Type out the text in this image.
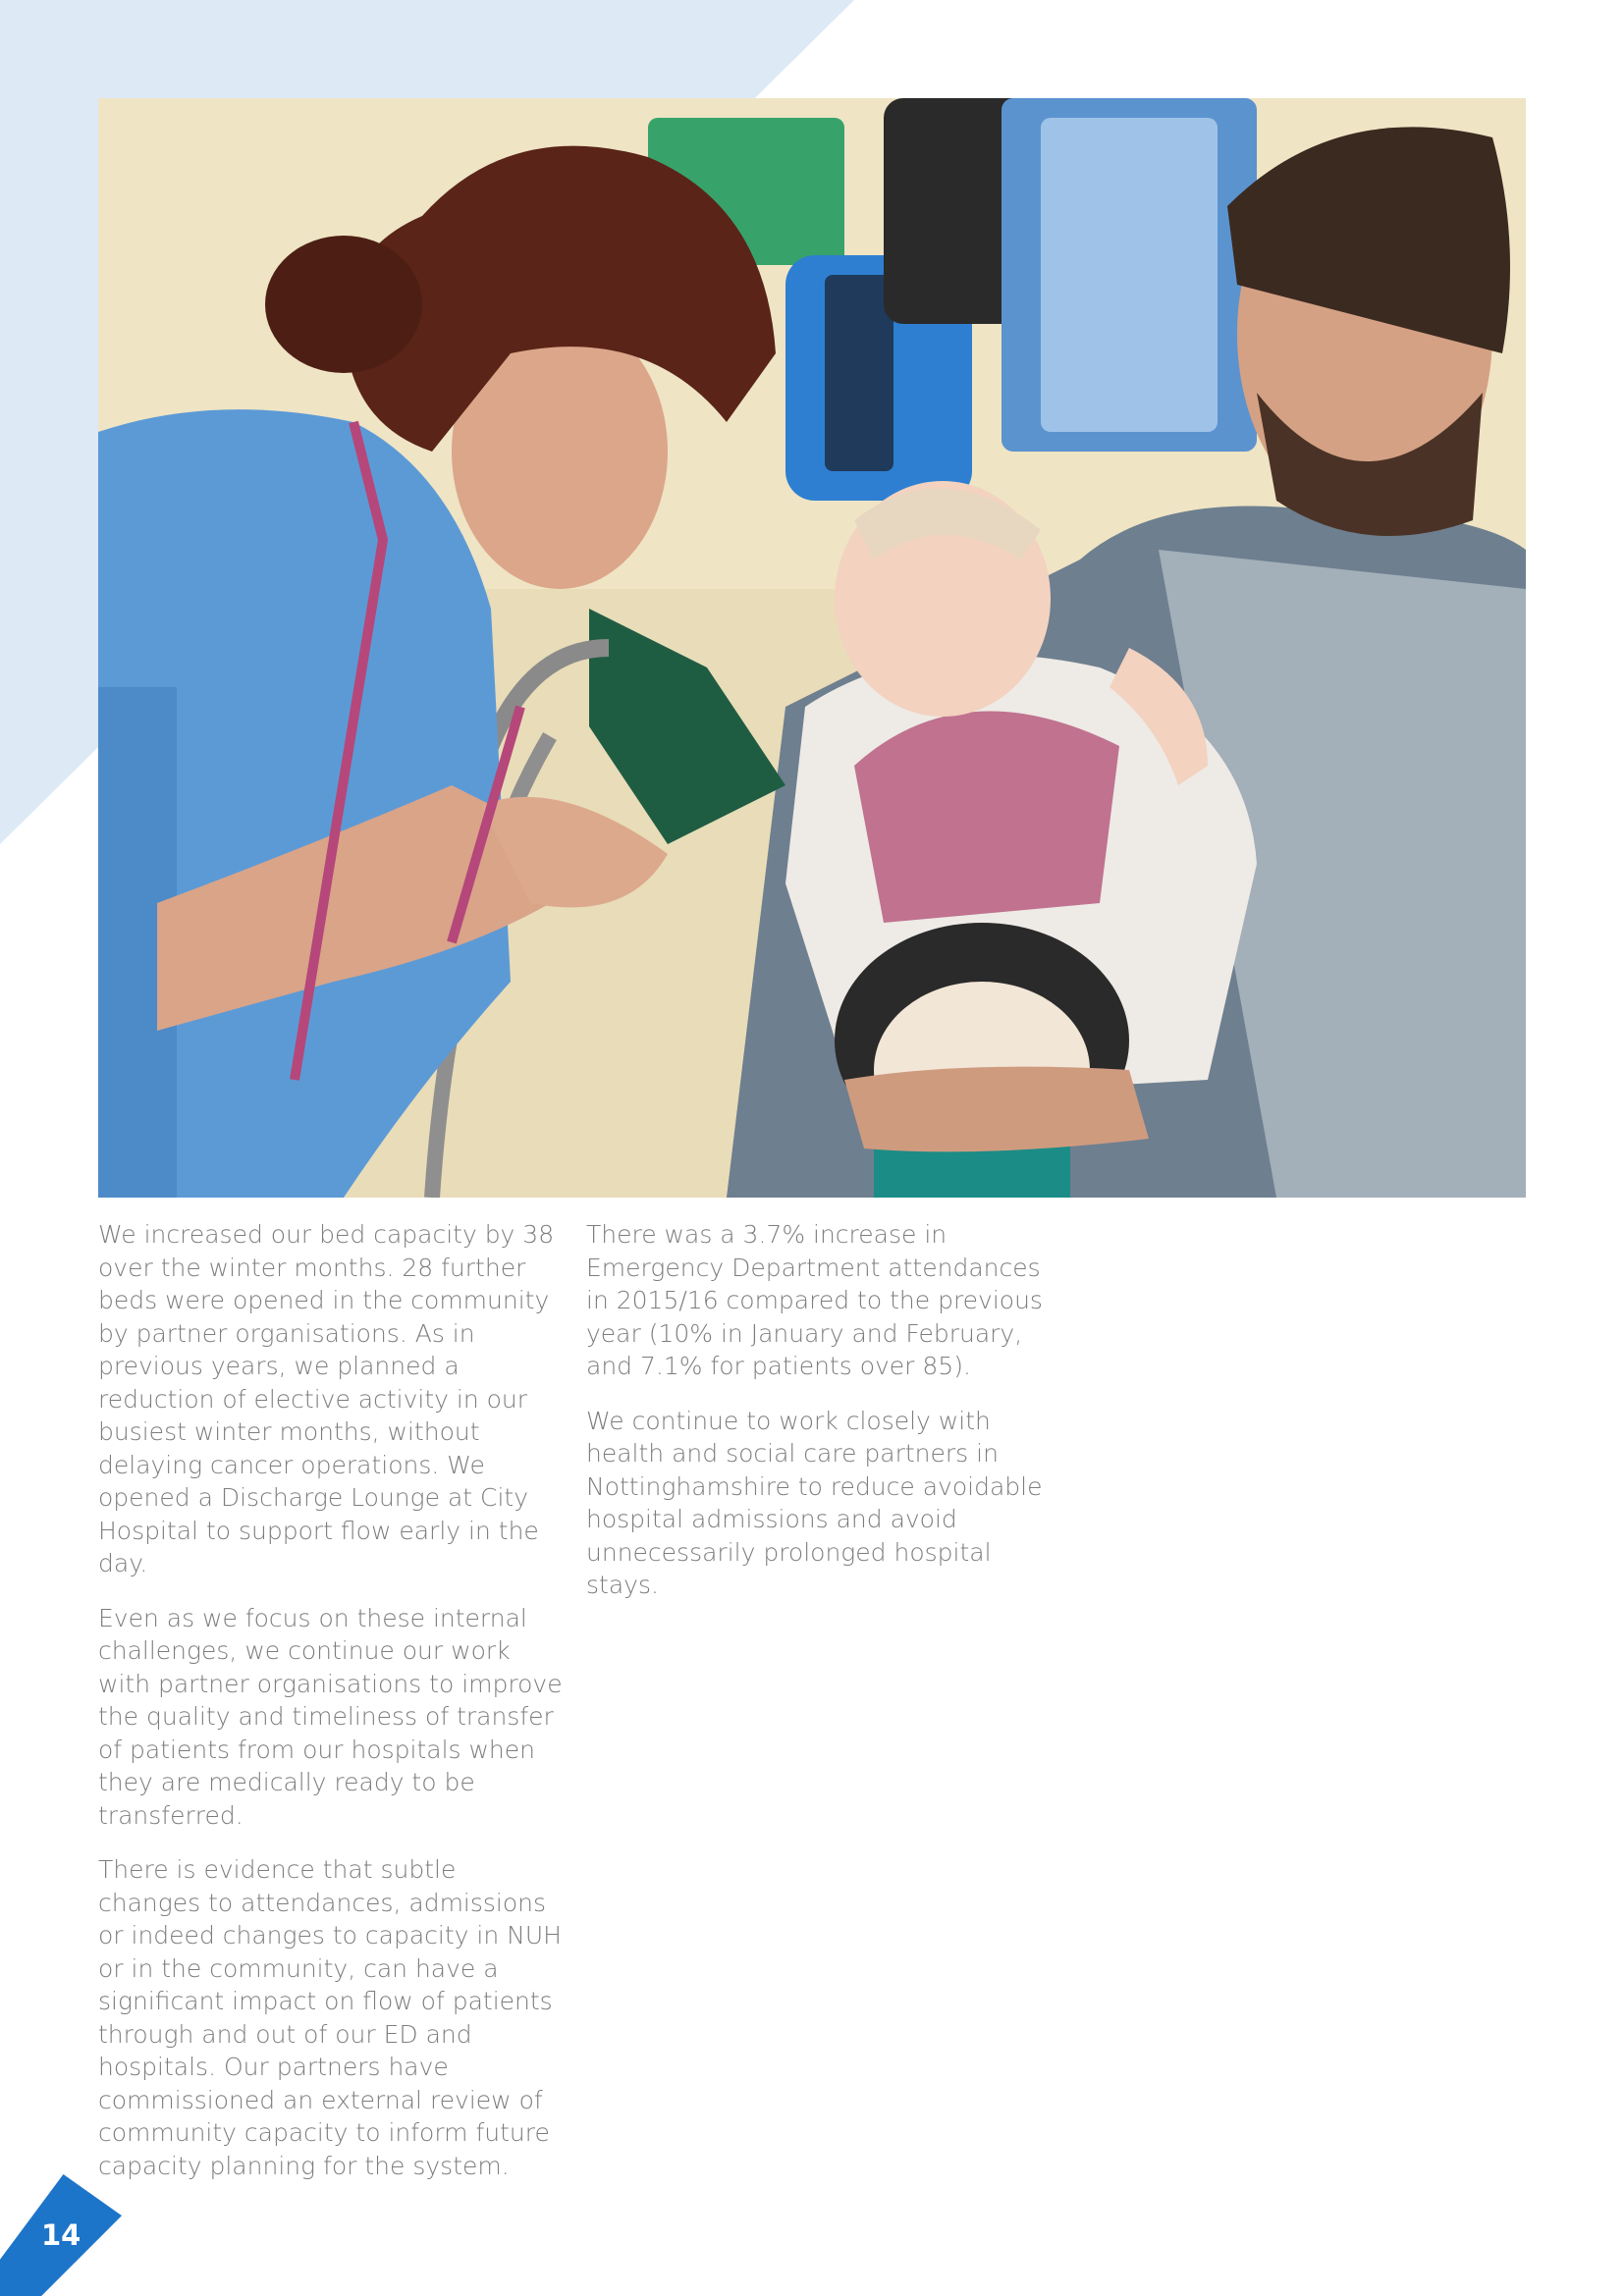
We increased our bed capacity by 38 over the winter months. 28 further beds were opened in the community by partner organisations. As in previous years, we planned a reduction of elective activity in our busiest winter months, without delaying cancer operations. We opened a Discharge Lounge at City Hospital to support flow early in the day.

Even as we focus on these internal challenges, we continue our work with partner organisations to improve the quality and timeliness of transfer of patients from our hospitals when they are medically ready to be transferred.

There is evidence that subtle changes to attendances, admissions or indeed changes to capacity in NUH or in the community, can have a significant impact on flow of patients through and out of our ED and hospitals. Our partners have commissioned an external review of community capacity to inform future capacity planning for the system.

There was a 3.7% increase in Emergency Department attendances in 2015/16 compared to the previous year (10% in January and February, and 7.1% for patients over 85).

We continue to work closely with health and social care partners in Nottinghamshire to reduce avoidable hospital admissions and avoid unnecessarily prolonged hospital stays.

14
